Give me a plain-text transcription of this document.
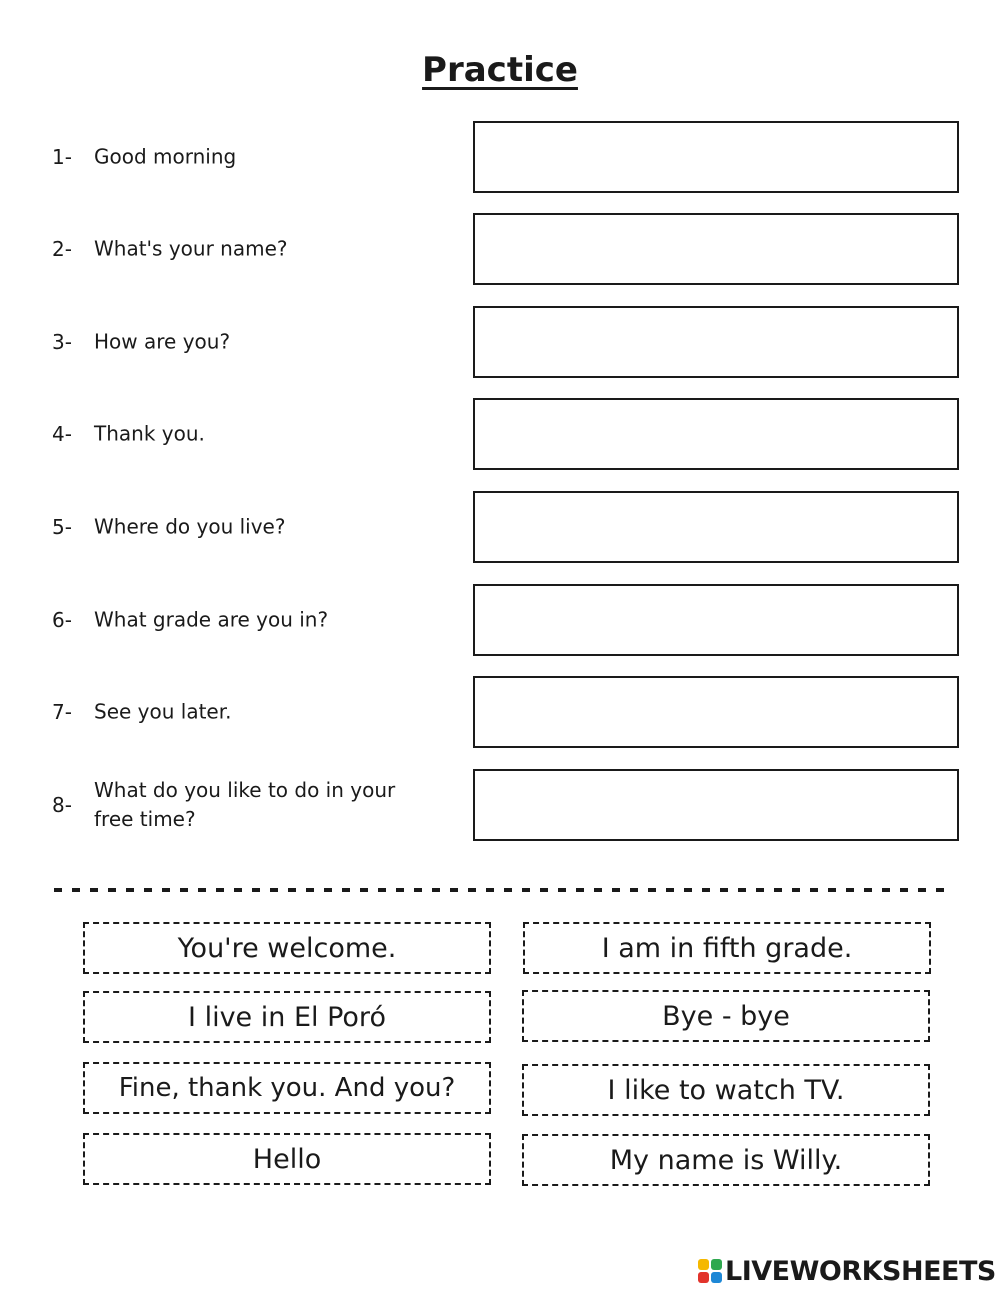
Practice
1- Good morning
2- What's your name?
3- How are you?
4- Thank you.
5- Where do you live?
6- What grade are you in?
7- See you later.
8-
What do you like to do in your free time?
You're welcome.	I am in fifth grade.
I live in El Poró	Bye - bye
Fine, thank you. And you?	I like to watch TV.
Hello	My name is Willy.
LIVEWORKSHEETS
